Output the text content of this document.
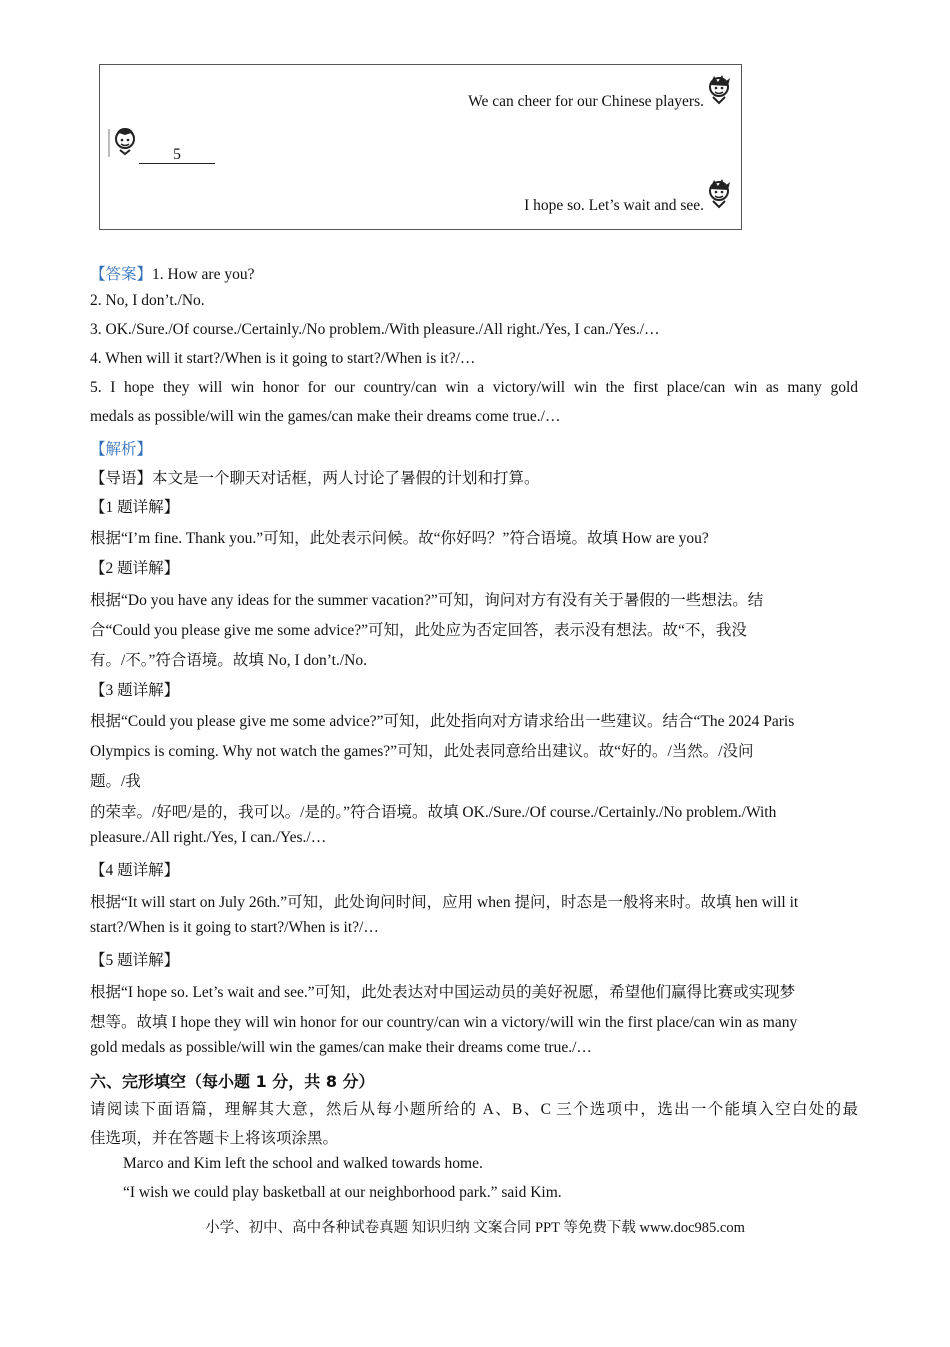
We can cheer for our Chinese players.
5
I hope so. Let’s wait and see.
【答案】1. How are you?
2. No, I don’t./No.
3. OK./Sure./Of course./Certainly./No problem./With pleasure./All right./Yes, I can./Yes./…
4. When will it start?/When is it going to start?/When is it?/…
5. I hope they will win honor for our country/can win a victory/will win the first place/can win as many gold
medals as possible/will win the games/can make their dreams come true./…
【解析】
【导语】本文是一个聊天对话框，两人讨论了暑假的计划和打算。
【1 题详解】
根据“I’m fine. Thank you.”可知，此处表示问候。故“你好吗？”符合语境。故填 How are you?
【2 题详解】
根据“Do you have any ideas for the summer vacation?”可知，询问对方有没有关于暑假的一些想法。结
合“Could you please give me some advice?”可知，此处应为否定回答，表示没有想法。故“不，我没
有。/不。”符合语境。故填 No, I don’t./No.
【3 题详解】
根据“Could you please give me some advice?”可知，此处指向对方请求给出一些建议。结合“The 2024 Paris
Olympics is coming. Why not watch the games?”可知，此处表同意给出建议。故“好的。/当然。/没问
题。/我
的荣幸。/好吧/是的，我可以。/是的。”符合语境。故填 OK./Sure./Of course./Certainly./No problem./With
pleasure./All right./Yes, I can./Yes./…
【4 题详解】
根据“It will start on July 26th.”可知，此处询问时间，应用 when 提问，时态是一般将来时。故填 hen will it
start?/When is it going to start?/When is it?/…
【5 题详解】
根据“I hope so. Let’s wait and see.”可知，此处表达对中国运动员的美好祝愿，希望他们赢得比赛或实现梦
想等。故填 I hope they will win honor for our country/can win a victory/will win the first place/can win as many
gold medals as possible/will win the games/can make their dreams come true./…
六、完形填空（每小题 1 分，共 8 分）
请阅读下面语篇，理解其大意，然后从每小题所给的 A、B、C 三个选项中，选出一个能填入空白处的最
佳选项，并在答题卡上将该项涂黑。
Marco and Kim left the school and walked towards home.
“I wish we could play basketball at our neighborhood park.” said Kim.
小学、初中、高中各种试卷真题 知识归纳 文案合同 PPT 等免费下载 www.doc985.com
